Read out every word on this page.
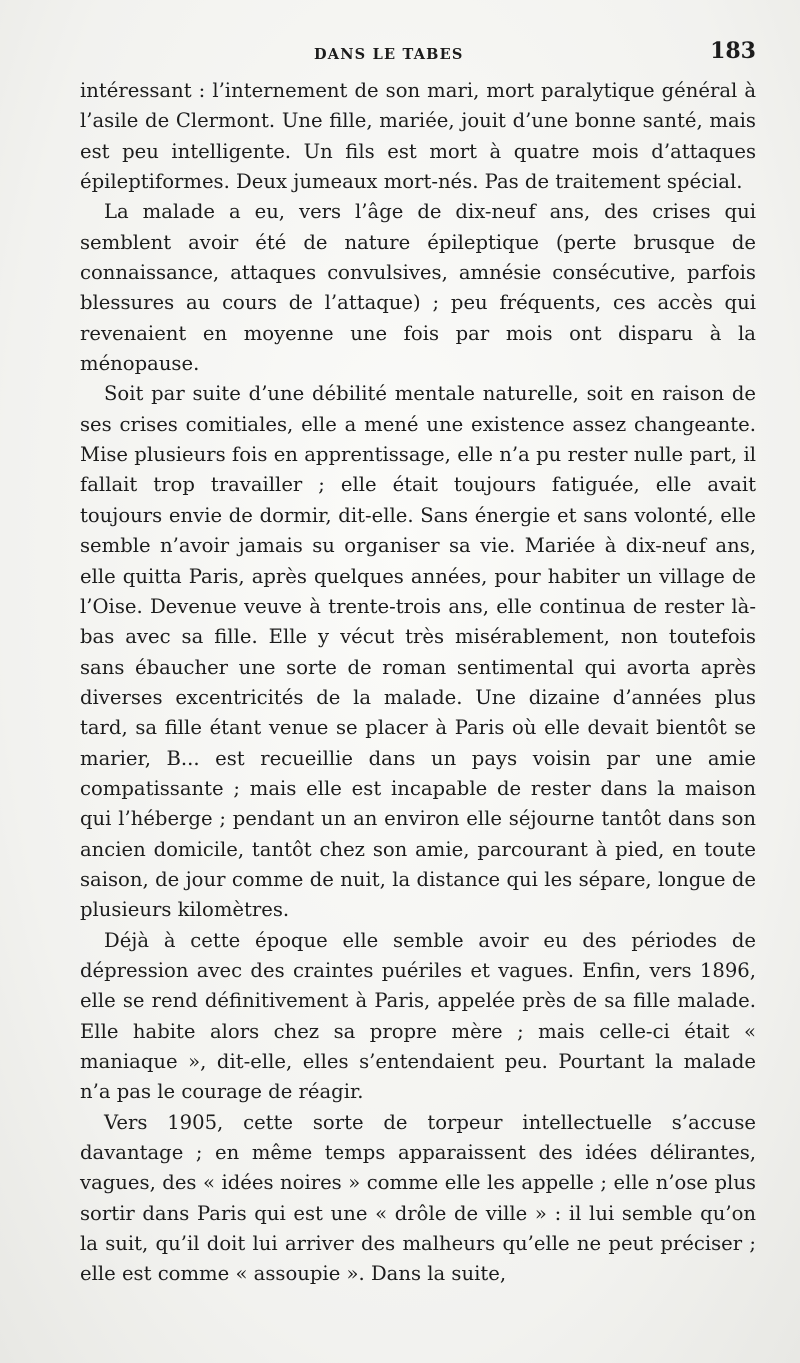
DANS LE TABES	183

intéressant : l’internement de son mari, mort paralytique général à l’asile de Clermont. Une fille, mariée, jouit d’une bonne santé, mais est peu intelligente. Un fils est mort à quatre mois d’attaques épileptiformes. Deux jumeaux mort-nés. Pas de traitement spécial.

La malade a eu, vers l’âge de dix-neuf ans, des crises qui semblent avoir été de nature épileptique (perte brusque de connaissance, attaques convulsives, amnésie consécutive, parfois blessures au cours de l’attaque) ; peu fréquents, ces accès qui revenaient en moyenne une fois par mois ont disparu à la ménopause.

Soit par suite d’une débilité mentale naturelle, soit en raison de ses crises comitiales, elle a mené une existence assez changeante. Mise plusieurs fois en apprentissage, elle n’a pu rester nulle part, il fallait trop travailler ; elle était toujours fatiguée, elle avait toujours envie de dormir, dit-elle. Sans énergie et sans volonté, elle semble n’avoir jamais su organiser sa vie. Mariée à dix-neuf ans, elle quitta Paris, après quelques années, pour habiter un village de l’Oise. Devenue veuve à trente-trois ans, elle continua de rester là-bas avec sa fille. Elle y vécut très misérablement, non toutefois sans ébaucher une sorte de roman sentimental qui avorta après diverses excentricités de la malade. Une dizaine d’années plus tard, sa fille étant venue se placer à Paris où elle devait bientôt se marier, B... est recueillie dans un pays voisin par une amie compatissante ; mais elle est incapable de rester dans la maison qui l’héberge ; pendant un an environ elle séjourne tantôt dans son ancien domicile, tantôt chez son amie, parcourant à pied, en toute saison, de jour comme de nuit, la distance qui les sépare, longue de plusieurs kilomètres.

Déjà à cette époque elle semble avoir eu des périodes de dépression avec des craintes puériles et vagues. Enfin, vers 1896, elle se rend définitivement à Paris, appelée près de sa fille malade. Elle habite alors chez sa propre mère ; mais celle-ci était « maniaque », dit-elle, elles s’entendaient peu. Pourtant la malade n’a pas le courage de réagir.

Vers 1905, cette sorte de torpeur intellectuelle s’accuse davantage ; en même temps apparaissent des idées délirantes, vagues, des « idées noires » comme elle les appelle ; elle n’ose plus sortir dans Paris qui est une « drôle de ville » : il lui semble qu’on la suit, qu’il doit lui arriver des malheurs qu’elle ne peut préciser ; elle est comme « assoupie ». Dans la suite,
